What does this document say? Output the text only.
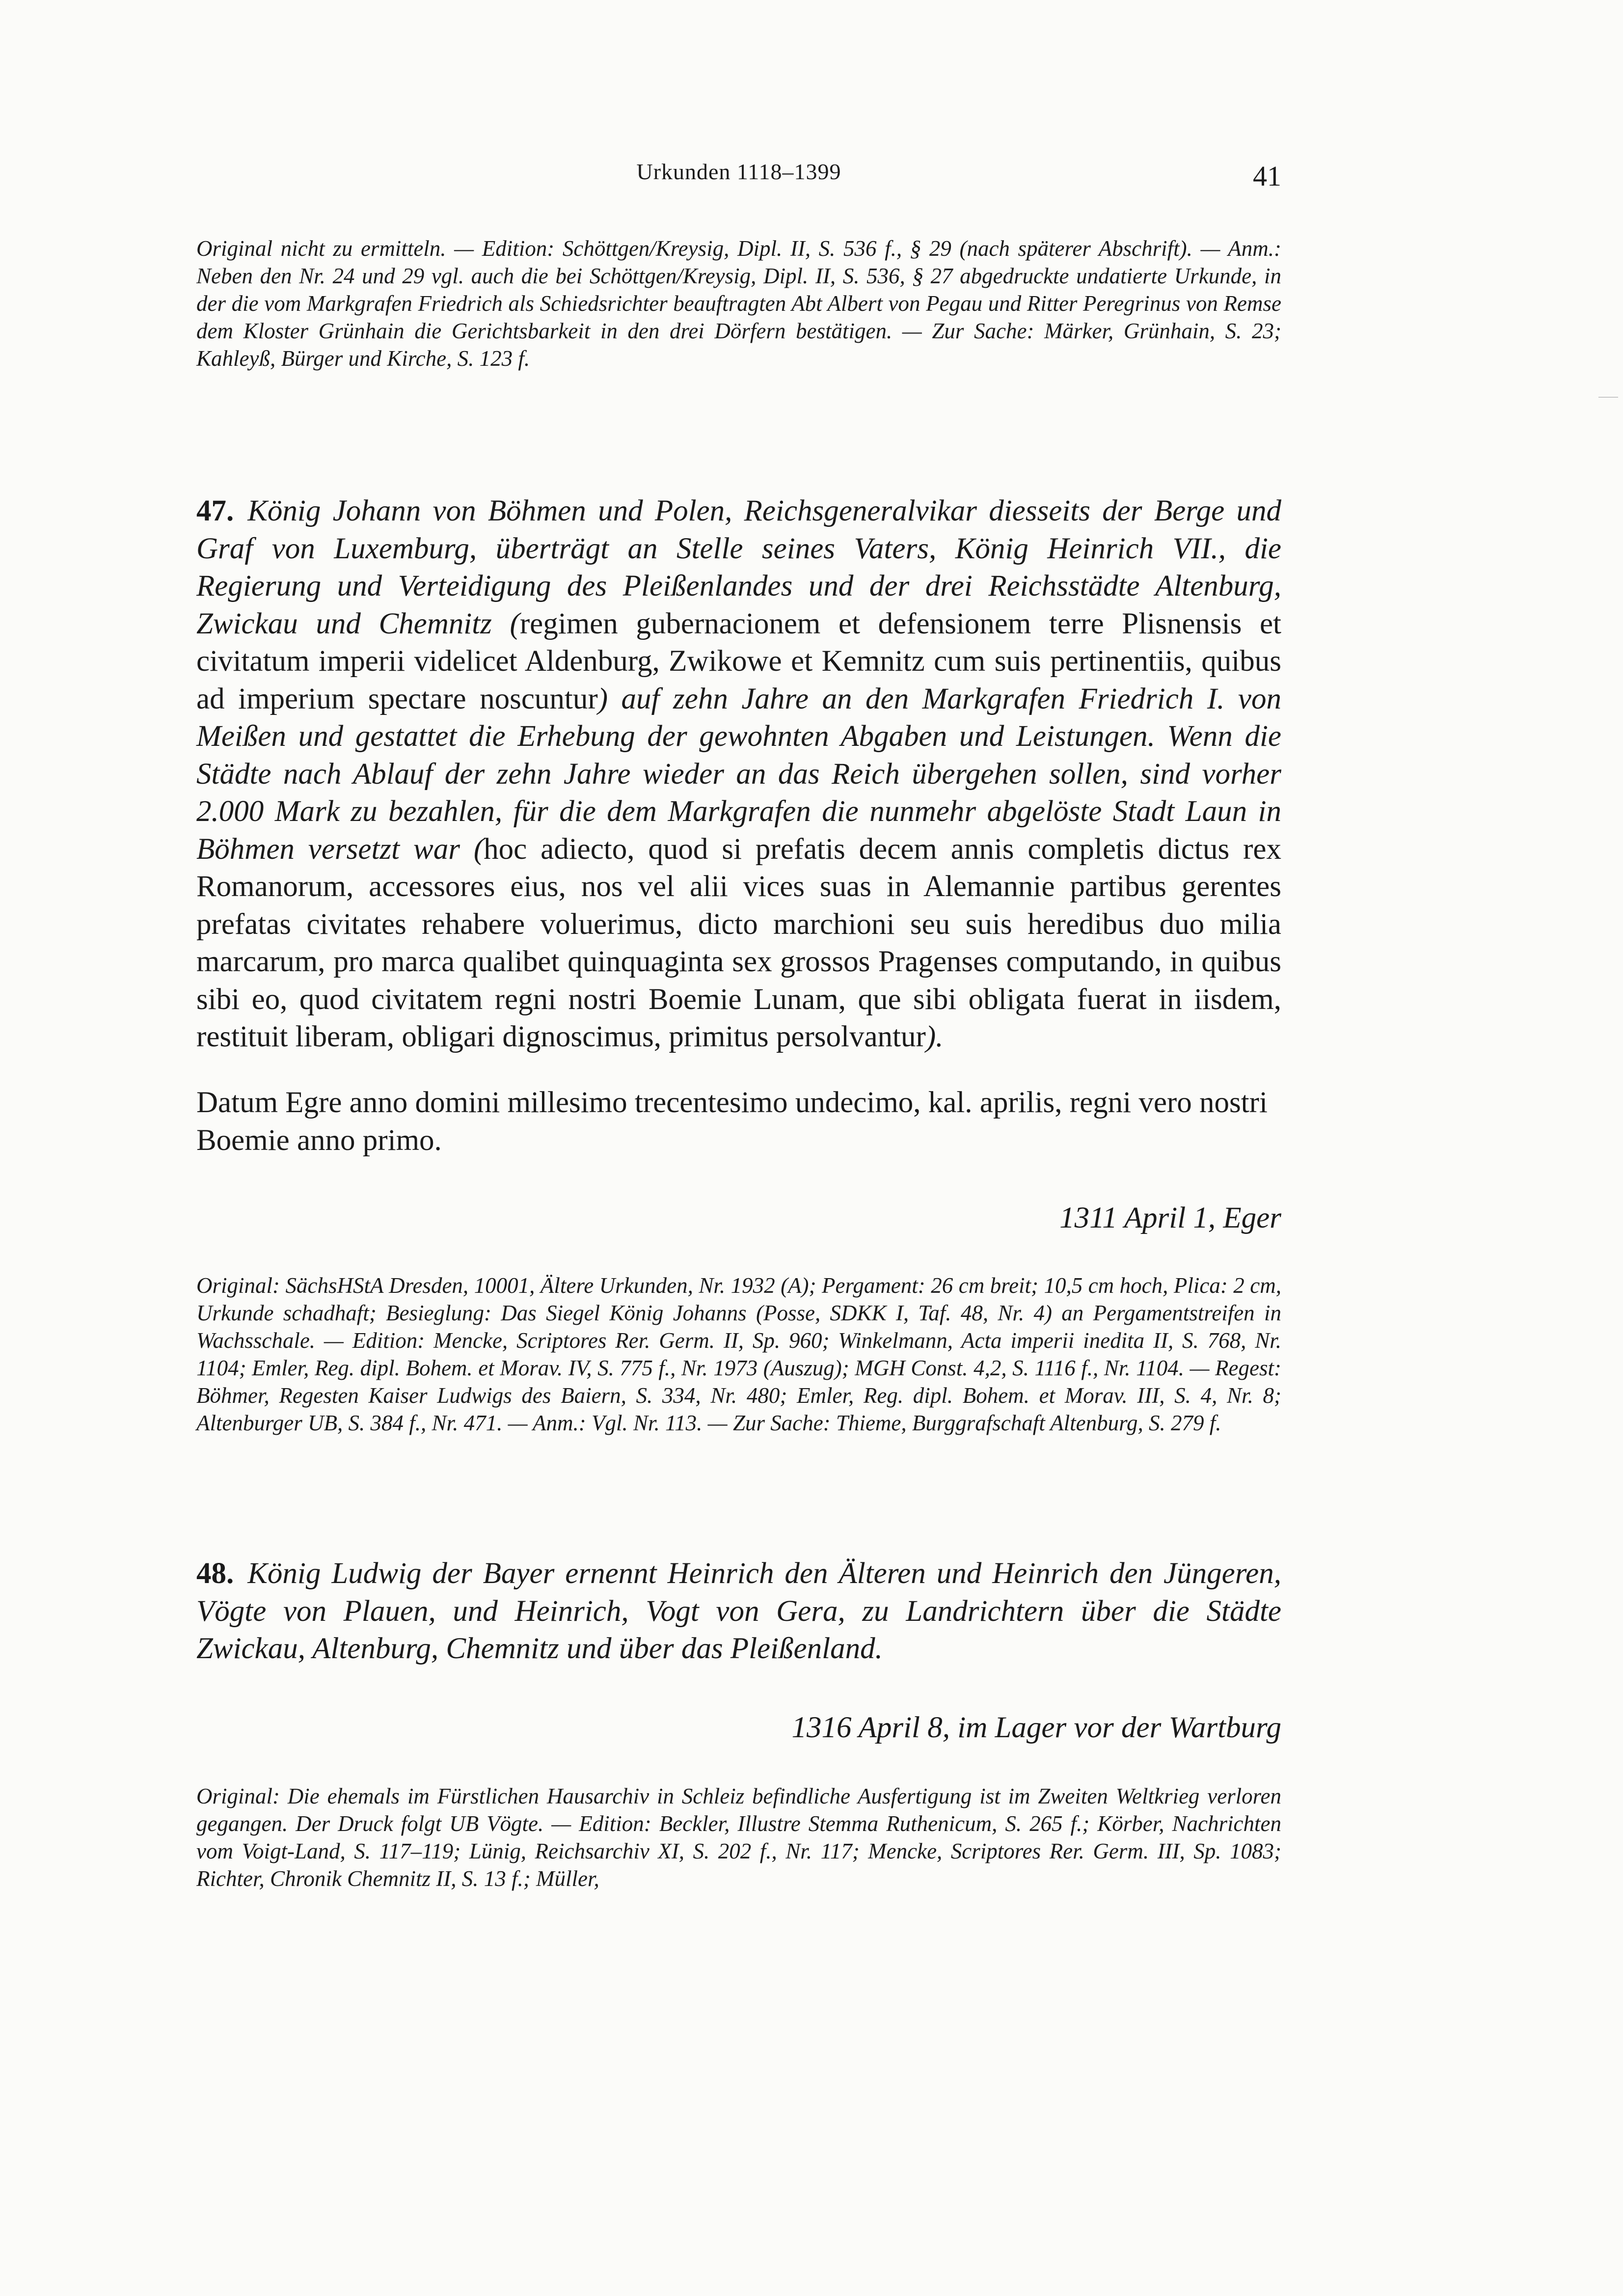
Urkunden 1118–1399	41

Original nicht zu ermitteln. — Edition: Schöttgen/Kreysig, Dipl. II, S. 536 f., § 29 (nach späterer Abschrift). — Anm.: Neben den Nr. 24 und 29 vgl. auch die bei Schöttgen/Kreysig, Dipl. II, S. 536, § 27 abgedruckte undatierte Urkunde, in der die vom Markgrafen Friedrich als Schiedsrichter beauftragten Abt Albert von Pegau und Ritter Peregrinus von Remse dem Kloster Grünhain die Gerichtsbarkeit in den drei Dörfern bestätigen. — Zur Sache: Märker, Grünhain, S. 23; Kahleyß, Bürger und Kirche, S. 123 f.

47. König Johann von Böhmen und Polen, Reichsgeneralvikar diesseits der Berge und Graf von Luxemburg, überträgt an Stelle seines Vaters, König Heinrich VII., die Regierung und Verteidigung des Pleißenlandes und der drei Reichsstädte Altenburg, Zwickau und Chemnitz (regimen gubernacionem et defensionem terre Plisnensis et civitatum imperii videlicet Aldenburg, Zwikowe et Kemnitz cum suis pertinentiis, quibus ad imperium spectare noscuntur) auf zehn Jahre an den Markgrafen Friedrich I. von Meißen und gestattet die Erhebung der gewohnten Abgaben und Leistungen. Wenn die Städte nach Ablauf der zehn Jahre wieder an das Reich übergehen sollen, sind vorher 2.000 Mark zu bezahlen, für die dem Markgrafen die nunmehr abgelöste Stadt Laun in Böhmen versetzt war (hoc adiecto, quod si prefatis decem annis completis dictus rex Romanorum, accessores eius, nos vel alii vices suas in Alemannie partibus gerentes prefatas civitates rehabere voluerimus, dicto marchioni seu suis heredibus duo milia marcarum, pro marca qualibet quinquaginta sex grossos Pragenses computando, in quibus sibi eo, quod civitatem regni nostri Boemie Lunam, que sibi obligata fuerat in iisdem, restituit liberam, obligari dignoscimus, primitus persolvantur).

Datum Egre anno domini millesimo trecentesimo undecimo, kal. aprilis, regni vero nostri Boemie anno primo.

1311 April 1, Eger

Original: SächsHStA Dresden, 10001, Ältere Urkunden, Nr. 1932 (A); Pergament: 26 cm breit; 10,5 cm hoch, Plica: 2 cm, Urkunde schadhaft; Besieglung: Das Siegel König Johanns (Posse, SDKK I, Taf. 48, Nr. 4) an Pergamentstreifen in Wachsschale. — Edition: Mencke, Scriptores Rer. Germ. II, Sp. 960; Winkelmann, Acta imperii inedita II, S. 768, Nr. 1104; Emler, Reg. dipl. Bohem. et Morav. IV, S. 775 f., Nr. 1973 (Auszug); MGH Const. 4,2, S. 1116 f., Nr. 1104. — Regest: Böhmer, Regesten Kaiser Ludwigs des Baiern, S. 334, Nr. 480; Emler, Reg. dipl. Bohem. et Morav. III, S. 4, Nr. 8; Altenburger UB, S. 384 f., Nr. 471. — Anm.: Vgl. Nr. 113. — Zur Sache: Thieme, Burggrafschaft Altenburg, S. 279 f.

48. König Ludwig der Bayer ernennt Heinrich den Älteren und Heinrich den Jüngeren, Vögte von Plauen, und Heinrich, Vogt von Gera, zu Landrichtern über die Städte Zwickau, Altenburg, Chemnitz und über das Pleißenland.

1316 April 8, im Lager vor der Wartburg

Original: Die ehemals im Fürstlichen Hausarchiv in Schleiz befindliche Ausfertigung ist im Zweiten Weltkrieg verloren gegangen. Der Druck folgt UB Vögte. — Edition: Beckler, Illustre Stemma Ruthenicum, S. 265 f.; Körber, Nachrichten vom Voigt-Land, S. 117–119; Lünig, Reichsarchiv XI, S. 202 f., Nr. 117; Mencke, Scriptores Rer. Germ. III, Sp. 1083; Richter, Chronik Chemnitz II, S. 13 f.; Müller,
